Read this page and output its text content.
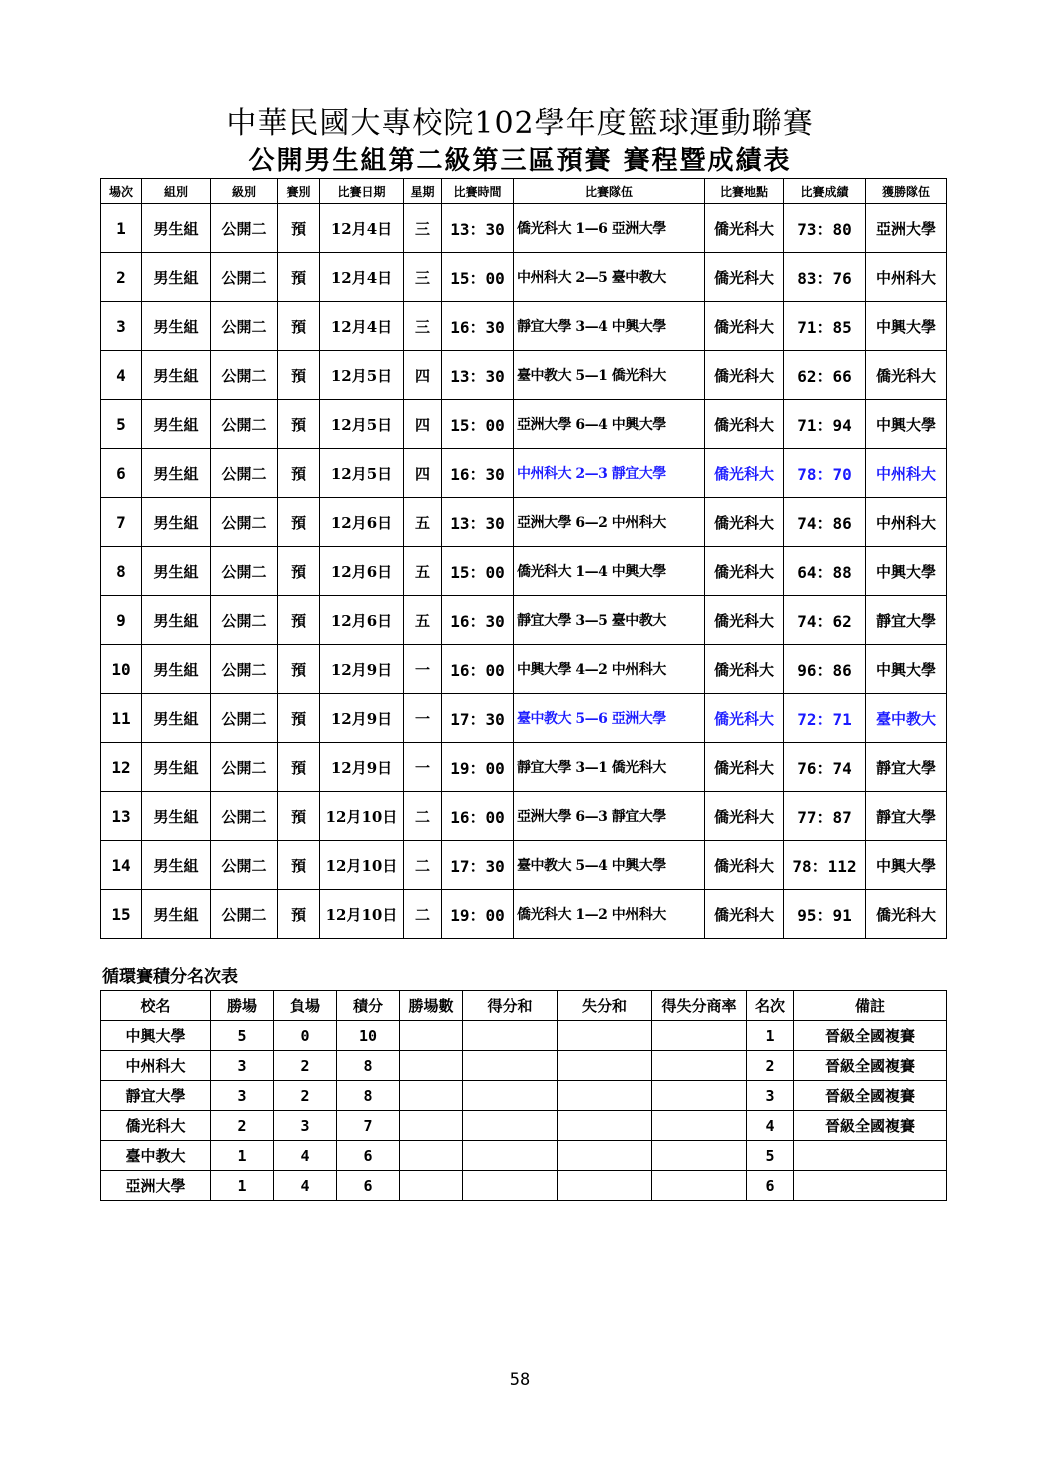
中華民國大專校院102學年度籃球運動聯賽
公開男生組第二級第三區預賽 賽程暨成績表
場次	組別	級別	賽別	比賽日期	星期	比賽時間	比賽隊伍	比賽地點	比賽成績	獲勝隊伍
1	男生組	公開二	預	12月4日	三	13：30	僑光科大 1—6 亞洲大學	僑光科大	73：80	亞洲大學
2	男生組	公開二	預	12月4日	三	15：00	中州科大 2—5 臺中教大	僑光科大	83：76	中州科大
3	男生組	公開二	預	12月4日	三	16：30	靜宜大學 3—4 中興大學	僑光科大	71：85	中興大學
4	男生組	公開二	預	12月5日	四	13：30	臺中教大 5—1 僑光科大	僑光科大	62：66	僑光科大
5	男生組	公開二	預	12月5日	四	15：00	亞洲大學 6—4 中興大學	僑光科大	71：94	中興大學
6	男生組	公開二	預	12月5日	四	16：30	中州科大 2—3 靜宜大學	僑光科大	78：70	中州科大
7	男生組	公開二	預	12月6日	五	13：30	亞洲大學 6—2 中州科大	僑光科大	74：86	中州科大
8	男生組	公開二	預	12月6日	五	15：00	僑光科大 1—4 中興大學	僑光科大	64：88	中興大學
9	男生組	公開二	預	12月6日	五	16：30	靜宜大學 3—5 臺中教大	僑光科大	74：62	靜宜大學
10	男生組	公開二	預	12月9日	一	16：00	中興大學 4—2 中州科大	僑光科大	96：86	中興大學
11	男生組	公開二	預	12月9日	一	17：30	臺中教大 5—6 亞洲大學	僑光科大	72：71	臺中教大
12	男生組	公開二	預	12月9日	一	19：00	靜宜大學 3—1 僑光科大	僑光科大	76：74	靜宜大學
13	男生組	公開二	預	12月10日	二	16：00	亞洲大學 6—3 靜宜大學	僑光科大	77：87	靜宜大學
14	男生組	公開二	預	12月10日	二	17：30	臺中教大 5—4 中興大學	僑光科大	78：112	中興大學
15	男生組	公開二	預	12月10日	二	19：00	僑光科大 1—2 中州科大	僑光科大	95：91	僑光科大
循環賽積分名次表
校名	勝場	負場	積分	勝場數	得分和	失分和	得失分商率	名次	備註
中興大學	5	0	10					1	晉級全國複賽
中州科大	3	2	8					2	晉級全國複賽
靜宜大學	3	2	8					3	晉級全國複賽
僑光科大	2	3	7					4	晉級全國複賽
臺中教大	1	4	6					5	
亞洲大學	1	4	6					6	
58
